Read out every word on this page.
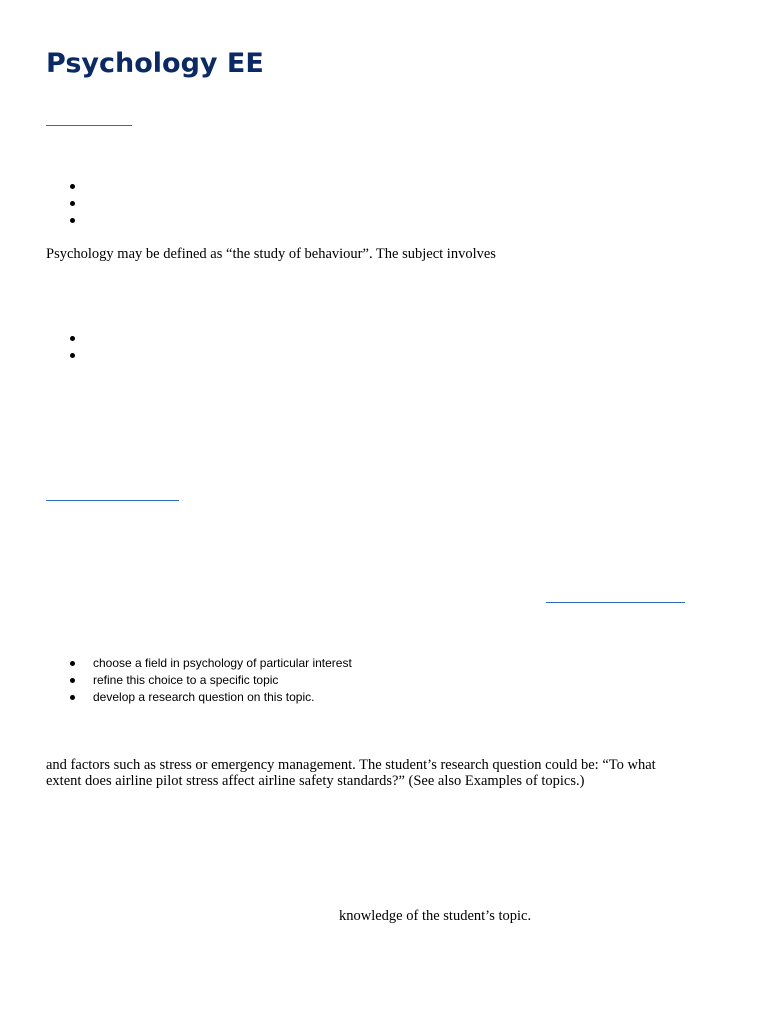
Psychology EE

Psychology may be defined as “the study of behaviour”. The subject involves

choose a field in psychology of particular interest
refine this choice to a specific topic
develop a research question on this topic.

and factors such as stress or emergency management. The student’s research question could be: “To what

extent does airline pilot stress affect airline safety standards?” (See also Examples of topics.)

knowledge of the student’s topic.
